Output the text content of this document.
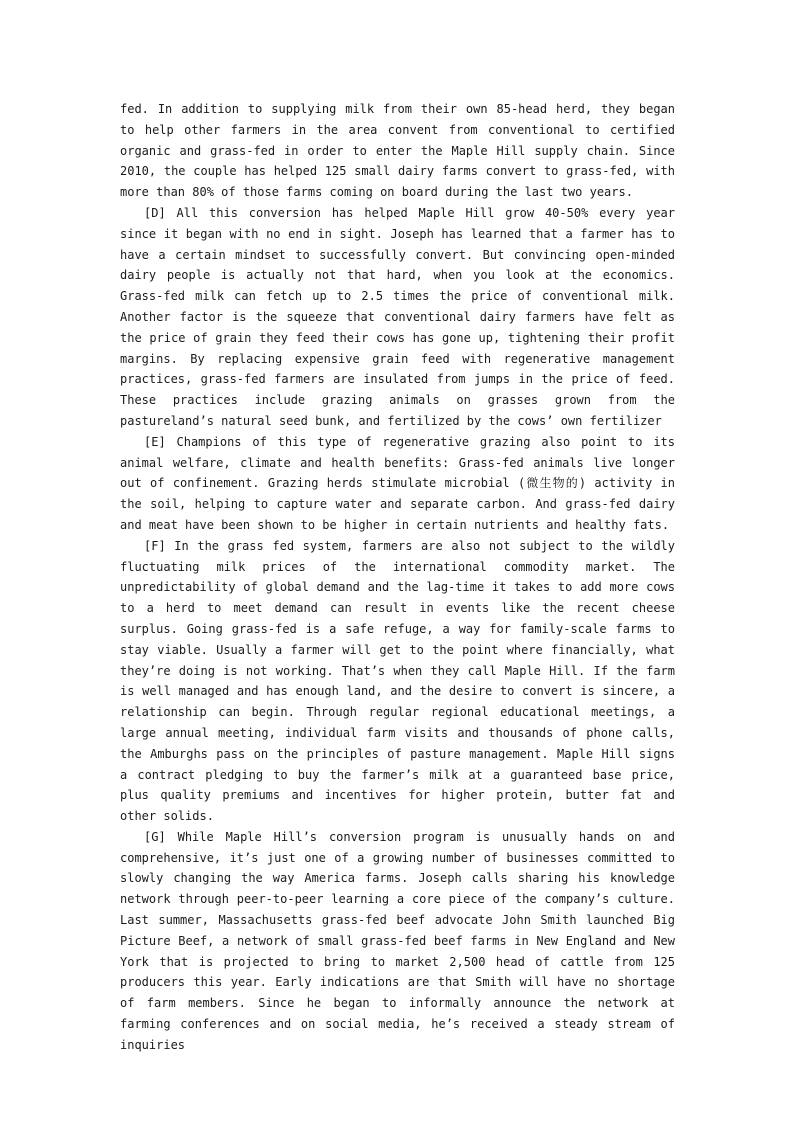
fed. In addition to supplying milk from their own 85-head herd, they began to help other farmers in the area convent from conventional to certified organic and grass-fed in order to enter the Maple Hill supply chain. Since 2010, the couple has helped 125 small dairy farms convert to grass-fed, with more than 80% of those farms coming on board during the last two years.

[D] All this conversion has helped Maple Hill grow 40-50% every year since it began with no end in sight. Joseph has learned that a farmer has to have a certain mindset to successfully convert. But convincing open-minded dairy people is actually not that hard, when you look at the economics. Grass-fed milk can fetch up to 2.5 times the price of conventional milk. Another factor is the squeeze that conventional dairy farmers have felt as the price of grain they feed their cows has gone up, tightening their profit margins. By replacing expensive grain feed with regenerative management practices, grass-fed farmers are insulated from jumps in the price of feed. These practices include grazing animals on grasses grown from the pastureland’s natural seed bunk, and fertilized by the cows’ own fertilizer

[E] Champions of this type of regenerative grazing also point to its animal welfare, climate and health benefits: Grass-fed animals live longer out of confinement. Grazing herds stimulate microbial (微生物的) activity in the soil, helping to capture water and separate carbon. And grass-fed dairy and meat have been shown to be higher in certain nutrients and healthy fats.

[F] In the grass fed system, farmers are also not subject to the wildly fluctuating milk prices of the international commodity market. The unpredictability of global demand and the lag-time it takes to add more cows to a herd to meet demand can result in events like the recent cheese surplus. Going grass-fed is a safe refuge, a way for family-scale farms to stay viable. Usually a farmer will get to the point where financially, what they’re doing is not working. That’s when they call Maple Hill. If the farm is well managed and has enough land, and the desire to convert is sincere, a relationship can begin. Through regular regional educational meetings, a large annual meeting, individual farm visits and thousands of phone calls, the Amburghs pass on the principles of pasture management. Maple Hill signs a contract pledging to buy the farmer’s milk at a guaranteed base price, plus quality premiums and incentives for higher protein, butter fat and other solids.

[G] While Maple Hill’s conversion program is unusually hands on and comprehensive, it’s just one of a growing number of businesses committed to slowly changing the way America farms. Joseph calls sharing his knowledge network through peer-to-peer learning a core piece of the company’s culture. Last summer, Massachusetts grass-fed beef advocate John Smith launched Big Picture Beef, a network of small grass-fed beef farms in New England and New York that is projected to bring to market 2,500 head of cattle from 125 producers this year. Early indications are that Smith will have no shortage of farm members. Since he began to informally announce the network at farming conferences and on social media, he’s received a steady stream of inquiries
